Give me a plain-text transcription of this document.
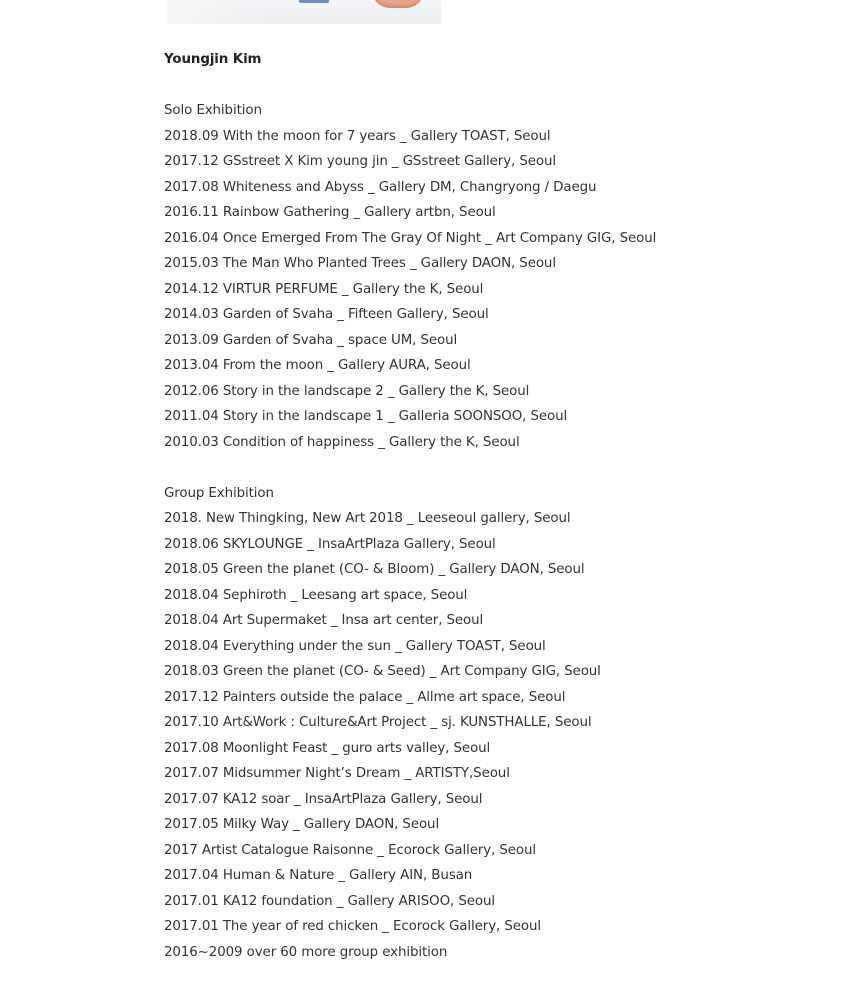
Youngjin Kim
Solo Exhibition
2018.09 With the moon for 7 years _ Gallery TOAST, Seoul
2017.12 GSstreet X Kim young jin _ GSstreet Gallery, Seoul
2017.08 Whiteness and Abyss _ Gallery DM, Changryong / Daegu
2016.11 Rainbow Gathering _ Gallery artbn, Seoul
2016.04 Once Emerged From The Gray Of Night _ Art Company GIG, Seoul
2015.03 The Man Who Planted Trees _ Gallery DAON, Seoul
2014.12 VIRTUR PERFUME _ Gallery the K, Seoul
2014.03 Garden of Svaha _ Fifteen Gallery, Seoul
2013.09 Garden of Svaha _ space UM, Seoul
2013.04 From the moon _ Gallery AURA, Seoul
2012.06 Story in the landscape 2 _ Gallery the K, Seoul
2011.04 Story in the landscape 1 _ Galleria SOONSOO, Seoul
2010.03 Condition of happiness _ Gallery the K, Seoul
Group Exhibition
2018. New Thingking, New Art 2018 _ Leeseoul gallery, Seoul
2018.06 SKYLOUNGE _ InsaArtPlaza Gallery, Seoul
2018.05 Green the planet (CO- & Bloom) _ Gallery DAON, Seoul
2018.04 Sephiroth _ Leesang art space, Seoul
2018.04 Art Supermaket _ Insa art center, Seoul
2018.04 Everything under the sun _ Gallery TOAST, Seoul
2018.03 Green the planet (CO- & Seed) _ Art Company GIG, Seoul
2017.12 Painters outside the palace _ Allme art space, Seoul
2017.10 Art&Work : Culture&Art Project _ sj. KUNSTHALLE, Seoul
2017.08 Moonlight Feast _ guro arts valley, Seoul
2017.07 Midsummer Night’s Dream _ ARTISTY,Seoul
2017.07 KA12 soar _ InsaArtPlaza Gallery, Seoul
2017.05 Milky Way _ Gallery DAON, Seoul
2017 Artist Catalogue Raisonne _ Ecorock Gallery, Seoul
2017.04 Human & Nature _ Gallery AIN, Busan
2017.01 KA12 foundation _ Gallery ARISOO, Seoul
2017.01 The year of red chicken _ Ecorock Gallery, Seoul
2016~2009 over 60 more group exhibition
